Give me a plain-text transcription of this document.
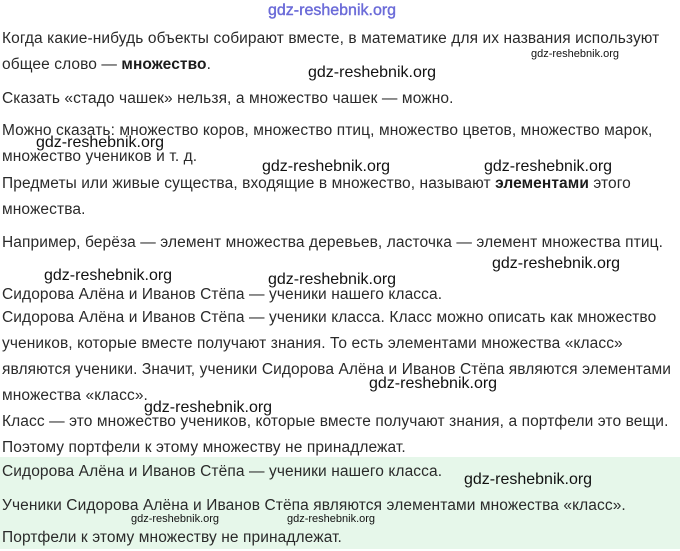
Когда какие-нибудь объекты собирают вместе, в математике для их названия используют общее слово — множество.

Сказать «стадо чашек» нельзя, а множество чашек — можно.

Можно сказать: множество коров, множество птиц, множество цветов, множество марок, множество учеников и т. д.

Предметы или живые существа, входящие в множество, называют элементами этого множества.

Например, берёза — элемент множества деревьев, ласточка — элемент множества птиц.

Сидорова Алёна и Иванов Стёпа — ученики нашего класса.

Сидорова Алёна и Иванов Стёпа — ученики класса. Класс можно описать как множество учеников, которые вместе получают знания. То есть элементами множества «класс» являются ученики. Значит, ученики Сидорова Алёна и Иванов Стёпа являются элементами множества «класс».

Класс — это множество учеников, которые вместе получают знания, а портфели это вещи. Поэтому портфели к этому множеству не принадлежат.

Сидорова Алёна и Иванов Стёпа — ученики нашего класса.

Ученики Сидорова Алёна и Иванов Стёпа являются элементами множества «класс».

Портфели к этому множеству не принадлежат.

gdz-reshebnik.org
gdz-reshebnik.org
gdz-reshebnik.org
gdz-reshebnik.org
gdz-reshebnik.org	gdz-reshebnik.org
gdz-reshebnik.org
gdz-reshebnik.org	gdz-reshebnik.org
gdz-reshebnik.org
gdz-reshebnik.org
gdz-reshebnik.org
gdz-reshebnik.org	gdz-reshebnik.org
